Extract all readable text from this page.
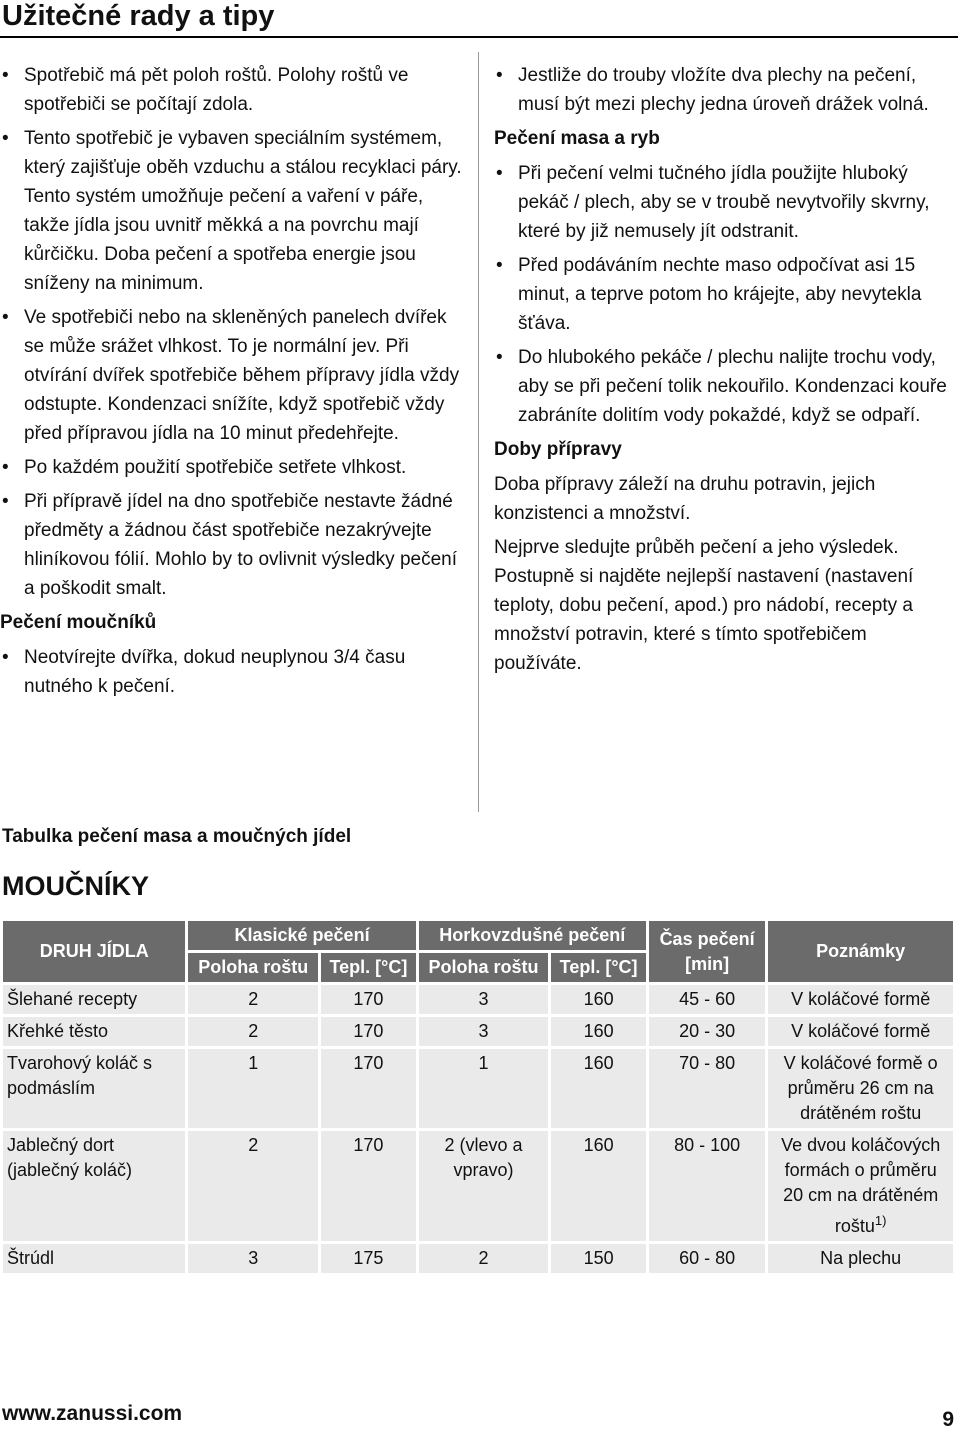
Užitečné rady a tipy
• Spotřebič má pět poloh roštů. Polohy roštů ve spotřebiči se počítají zdola.
• Tento spotřebič je vybaven speciálním systémem, který zajišťuje oběh vzduchu a stálou recyklaci páry. Tento systém umožňuje pečení a vaření v páře, takže jídla jsou uvnitř měkká a na povrchu mají kůrčičku. Doba pečení a spotřeba energie jsou sníženy na minimum.
• Ve spotřebiči nebo na skleněných panelech dvířek se může srážet vlhkost. To je normální jev. Při otvírání dvířek spotřebiče během přípravy jídla vždy odstupte. Kondenzaci snížíte, když spotřebič vždy před přípravou jídla na 10 minut předehřejte.
• Po každém použití spotřebiče setřete vlhkost.
• Při přípravě jídel na dno spotřebiče nestavte žádné předměty a žádnou část spotřebiče nezakrývejte hliníkovou fólií. Mohlo by to ovlivnit výsledky pečení a poškodit smalt.
Pečení moučníků
• Neotvírejte dvířka, dokud neuplynou 3/4 času nutného k pečení.
• Jestliže do trouby vložíte dva plechy na pečení, musí být mezi plechy jedna úroveň drážek volná.
Pečení masa a ryb
• Při pečení velmi tučného jídla použijte hluboký pekáč / plech, aby se v troubě nevytvořily skvrny, které by již nemusely jít odstranit.
• Před podáváním nechte maso odpočívat asi 15 minut, a teprve potom ho krájejte, aby nevytekla šťáva.
• Do hlubokého pekáče / plechu nalijte trochu vody, aby se při pečení tolik nekouřilo. Kondenzaci kouře zabráníte dolitím vody pokaždé, když se odpaří.
Doby přípravy

Doba přípravy záleží na druhu potravin, jejich konzistenci a množství.

Nejprve sledujte průběh pečení a jeho výsledek. Postupně si najděte nejlepší nastavení (nastavení teploty, dobu pečení, apod.) pro nádobí, recepty a množství potravin, které s tímto spotřebičem používáte.

Tabulka pečení masa a moučných jídel
MOUČNÍKY
DRUH JÍDLA	Klasické pečení		Horkovzdušné pečení		Čas pečení [min]	Poznámky
	Poloha roštu	Tepl. [°C]	Poloha roštu	Tepl. [°C]		
Šlehané recepty	2	170	3	160	45 - 60	V koláčové formě
Křehké těsto	2	170	3	160	20 - 30	V koláčové formě
Tvarohový koláč s podmáslím	1	170	1	160	70 - 80	V koláčové formě o průměru 26 cm na drátěném roštu
Jablečný dort (jablečný koláč)	2	170	2 (vlevo a vpravo)	160	80 - 100	Ve dvou koláčových formách o průměru 20 cm na drátěném roštu$^{1)}$
Štrúdl	3	175	2	150	60 - 80	Na plechu
www.zanussi.com	9
